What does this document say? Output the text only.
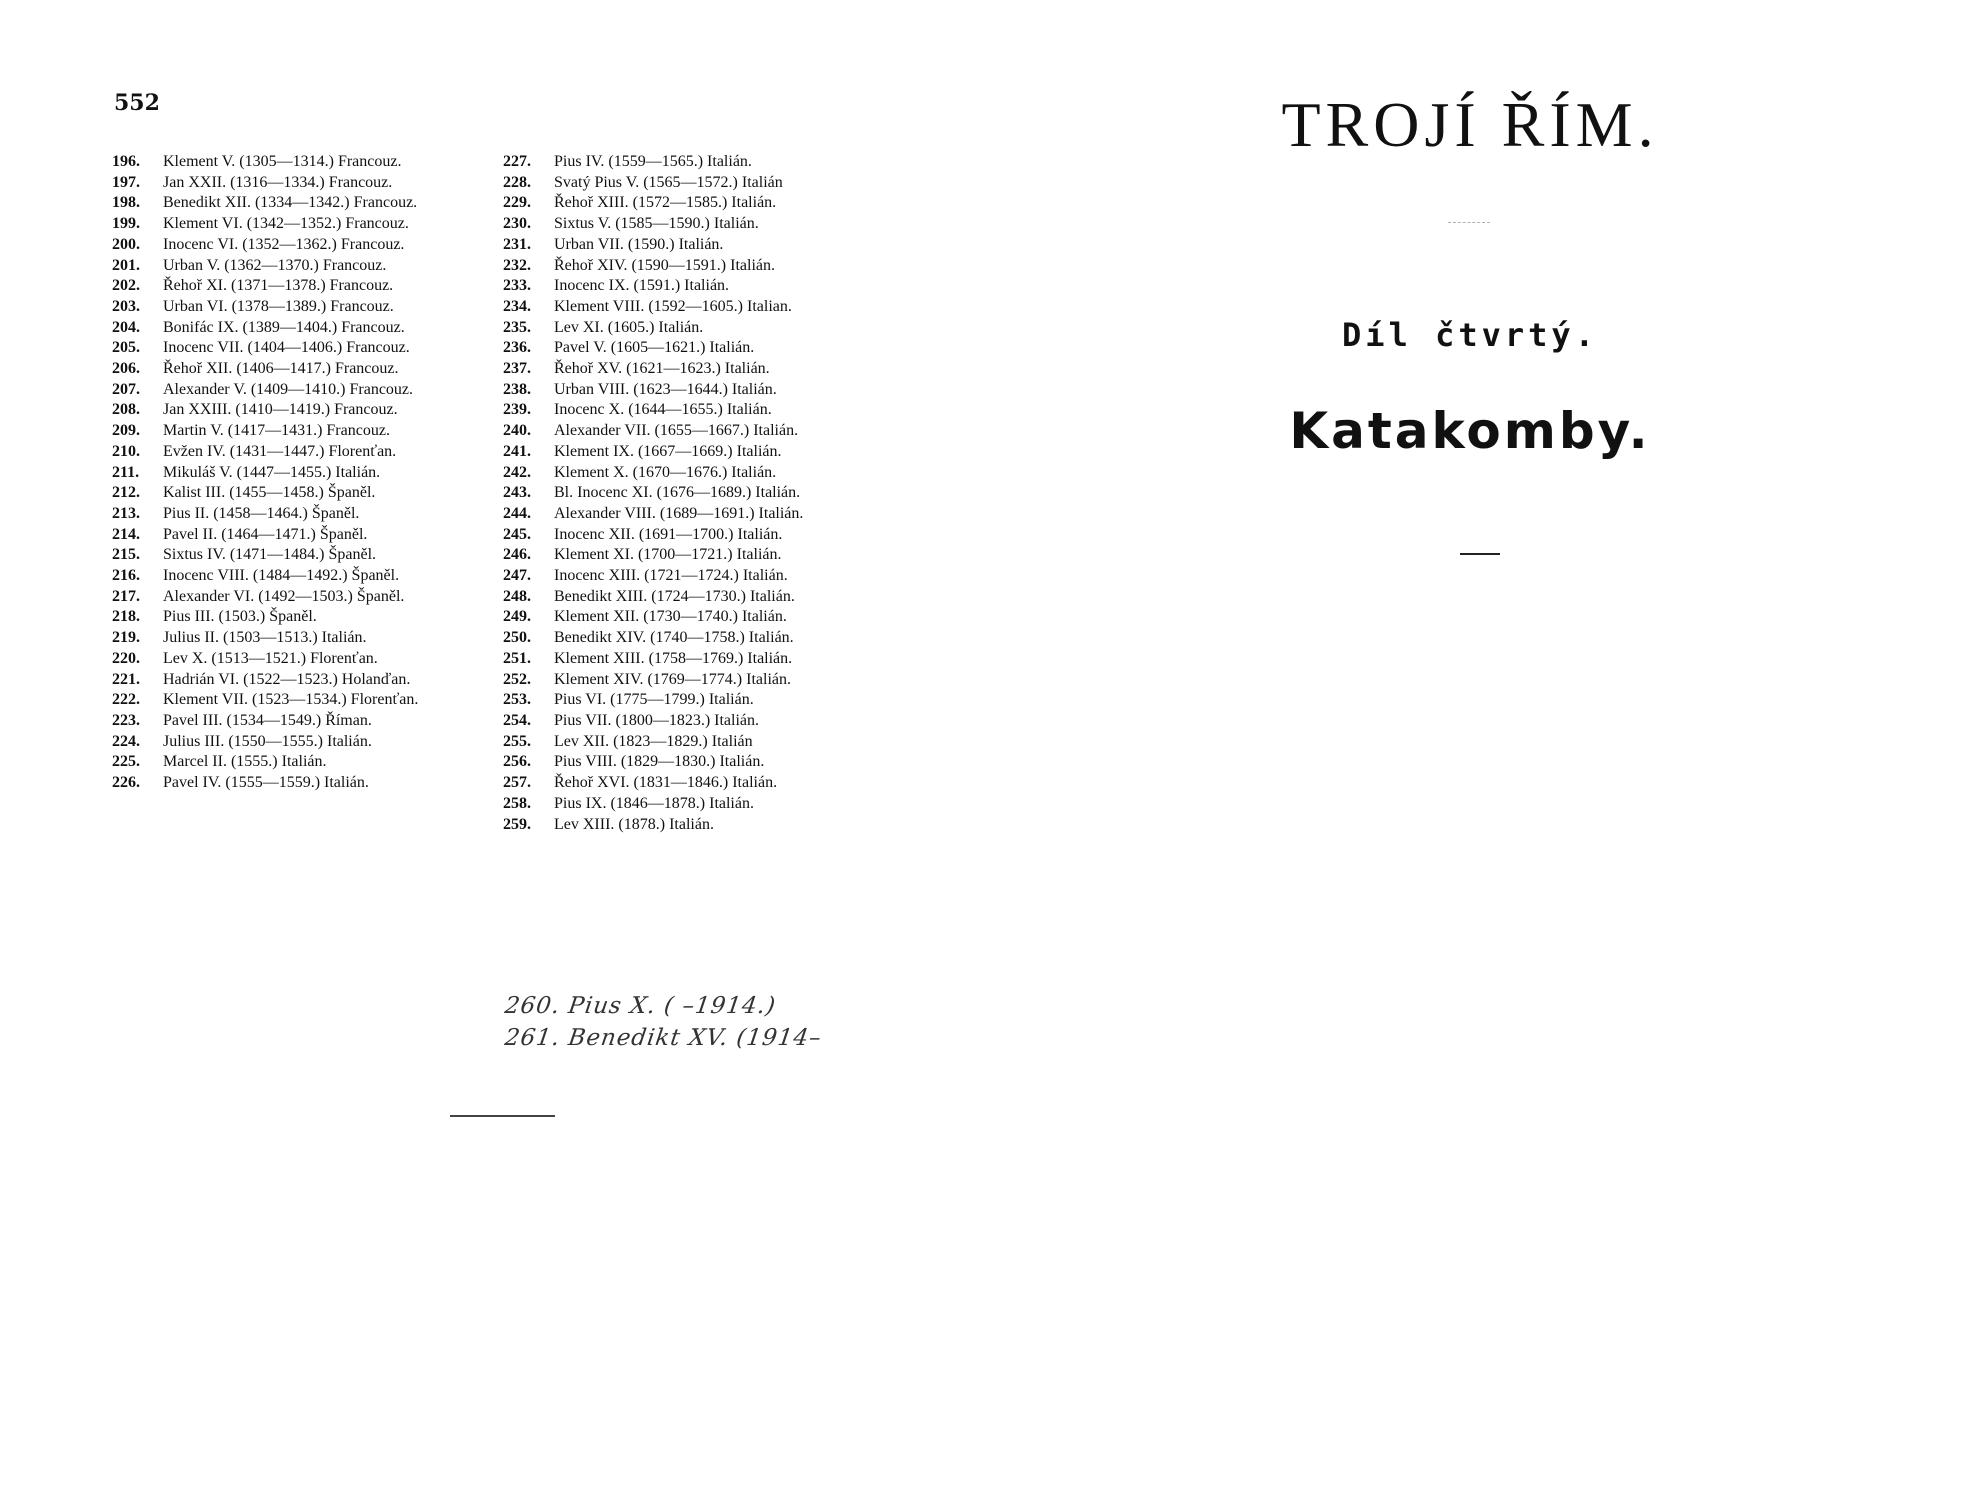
552
196.	Klement V. (1305—1314.) Francouz.
197.	Jan XXII. (1316—1334.) Francouz.
198.	Benedikt XII. (1334—1342.) Francouz.
199.	Klement VI. (1342—1352.) Francouz.
200.	Inocenc VI. (1352—1362.) Francouz.
201.	Urban V. (1362—1370.) Francouz.
202.	Řehoř XI. (1371—1378.) Francouz.
203.	Urban VI. (1378—1389.) Francouz.
204.	Bonifác IX. (1389—1404.) Francouz.
205.	Inocenc VII. (1404—1406.) Francouz.
206.	Řehoř XII. (1406—1417.) Francouz.
207.	Alexander V. (1409—1410.) Francouz.
208.	Jan XXIII. (1410—1419.) Francouz.
209.	Martin V. (1417—1431.) Francouz.
210.	Evžen IV. (1431—1447.) Florenťan.
211.	Mikuláš V. (1447—1455.) Italián.
212.	Kalist III. (1455—1458.) Španěl.
213.	Pius II. (1458—1464.) Španěl.
214.	Pavel II. (1464—1471.) Španěl.
215.	Sixtus IV. (1471—1484.) Španěl.
216.	Inocenc VIII. (1484—1492.) Španěl.
217.	Alexander VI. (1492—1503.) Španěl.
218.	Pius III. (1503.) Španěl.
219.	Julius II. (1503—1513.) Italián.
220.	Lev X. (1513—1521.) Florenťan.
221.	Hadrián VI. (1522—1523.) Holanďan.
222.	Klement VII. (1523—1534.) Florenťan.
223.	Pavel III. (1534—1549.) Říman.
224.	Julius III. (1550—1555.) Italián.
225.	Marcel II. (1555.) Italián.
226.	Pavel IV. (1555—1559.) Italián.
227.	Pius IV. (1559—1565.) Italián.
228.	Svatý Pius V. (1565—1572.) Italián
229.	Řehoř XIII. (1572—1585.) Italián.
230.	Sixtus V. (1585—1590.) Italián.
231.	Urban VII. (1590.) Italián.
232.	Řehoř XIV. (1590—1591.) Italián.
233.	Inocenc IX. (1591.) Italián.
234.	Klement VIII. (1592—1605.) Italian.
235.	Lev XI. (1605.) Italián.
236.	Pavel V. (1605—1621.) Italián.
237.	Řehoř XV. (1621—1623.) Italián.
238.	Urban VIII. (1623—1644.) Italián.
239.	Inocenc X. (1644—1655.) Italián.
240.	Alexander VII. (1655—1667.) Italián.
241.	Klement IX. (1667—1669.) Italián.
242.	Klement X. (1670—1676.) Italián.
243.	Bl. Inocenc XI. (1676—1689.) Italián.
244.	Alexander VIII. (1689—1691.) Italián.
245.	Inocenc XII. (1691—1700.) Italián.
246.	Klement XI. (1700—1721.) Italián.
247.	Inocenc XIII. (1721—1724.) Italián.
248.	Benedikt XIII. (1724—1730.) Italián.
249.	Klement XII. (1730—1740.) Italián.
250.	Benedikt XIV. (1740—1758.) Italián.
251.	Klement XIII. (1758—1769.) Italián.
252.	Klement XIV. (1769—1774.) Italián.
253.	Pius VI. (1775—1799.) Italián.
254.	Pius VII. (1800—1823.) Italián.
255.	Lev XII. (1823—1829.) Italián
256.	Pius VIII. (1829—1830.) Italián.
257.	Řehoř XVI. (1831—1846.) Italián.
258.	Pius IX. (1846—1878.) Italián.
259.	Lev XIII. (1878.) Italián.
260. Pius X. ( –1914.)
261. Benedikt XV. (1914–
TROJÍ ŘÍM.
Díl čtvrtý.
Katakomby.
